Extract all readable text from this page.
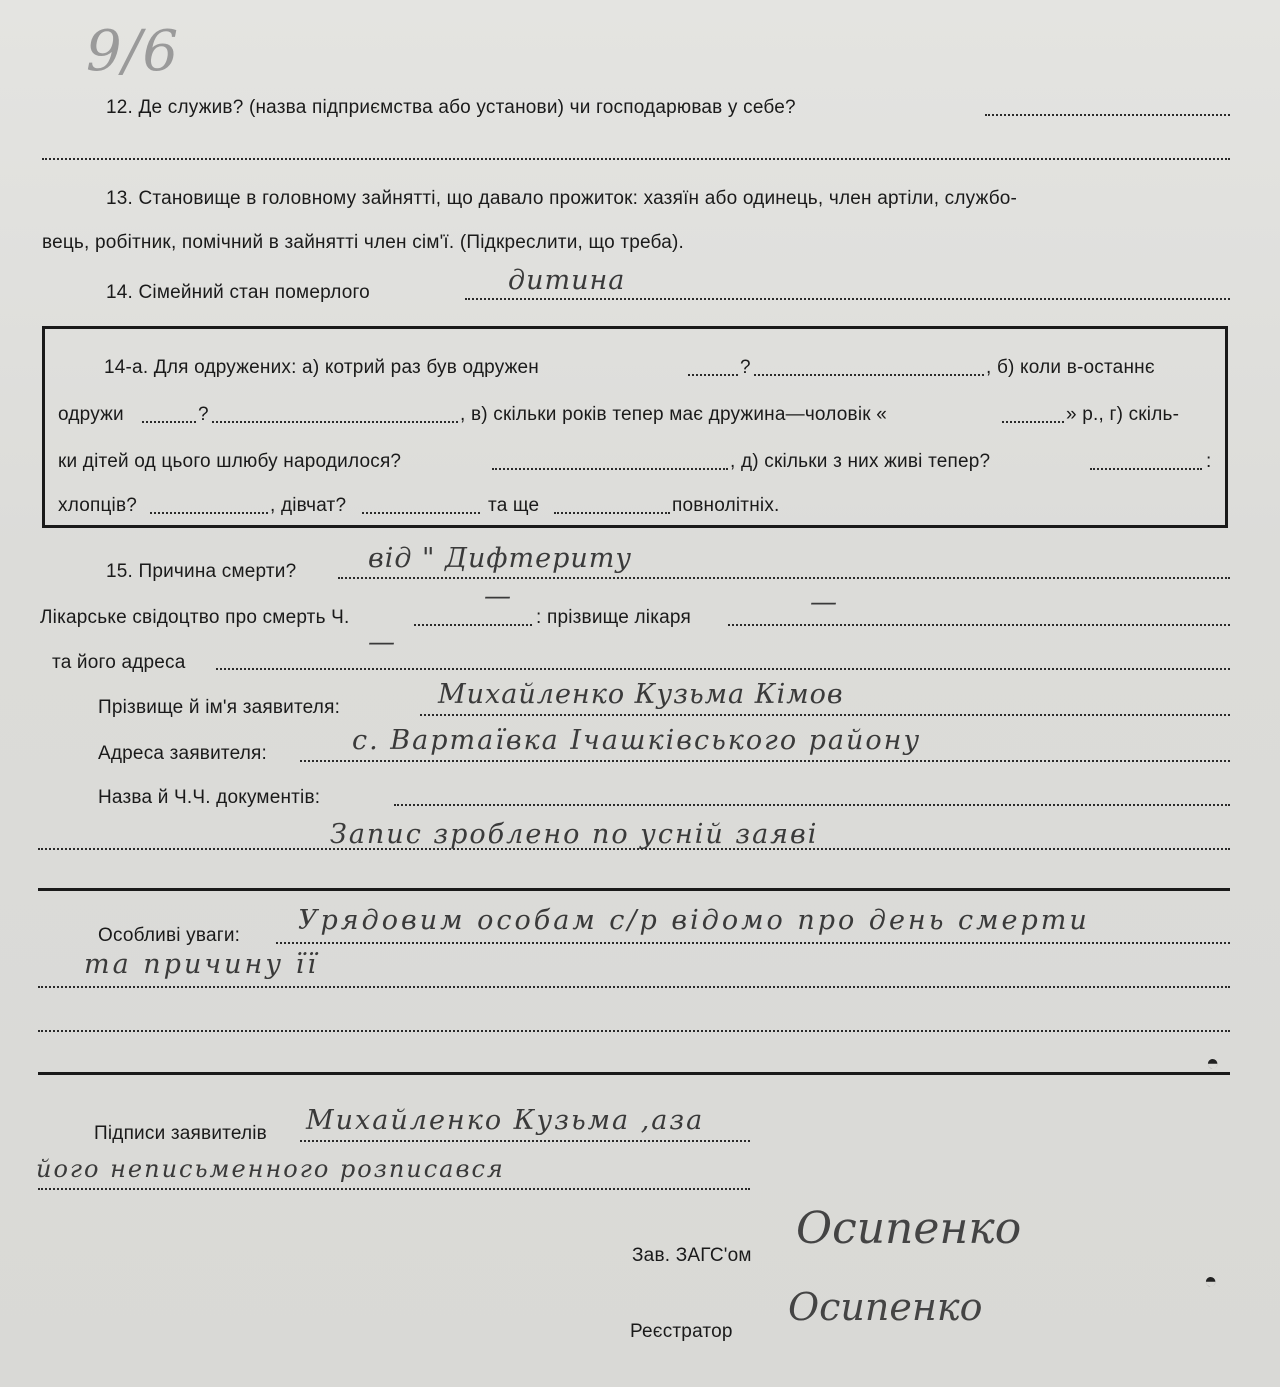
9/6
12. Де служив? (назва підприємства або установи) чи господарював у себе?
13. Становище в головному зайнятті, що давало прожиток: хазяїн або одинець, член артіли, службо-
вець, робітник, помічний в зайнятті член сім'ї. (Підкреслити, що треба).
14. Сімейний стан померлого	дитина
14-а. Для одружених: а) котрий раз був одружен	?	, б) коли в-останнє
одружи	?	, в) скільки років тепер має дружина—чоловік «	» р., г) скіль-
ки дітей од цього шлюбу народилося?	, д) скільки з них живі тепер?	:
хлопців?	, дівчат?	та ще	повнолітніх.
15. Причина смерти?	від " Дифтериту
Лікарське свідоцтво про смерть Ч.
—
: прізвище лікаря	—
та його адреса
—
Прізвище й ім'я заявителя:	Михайленко Кузьма Кімов
Адреса заявителя:	с. Вартаївка Ічашківського району
Назва й Ч.Ч. документів:
Запис зроблено по усній заяві
Особливі уваги: Урядовим особам с/р відомо про день смерти
та причину її
◓
Підписи заявителів Михайленко Кузьма ,аза
його неписьменного розписався
Зав. ЗАГС'ом
Осипенко
◓
Реєстратор
Осипенко
